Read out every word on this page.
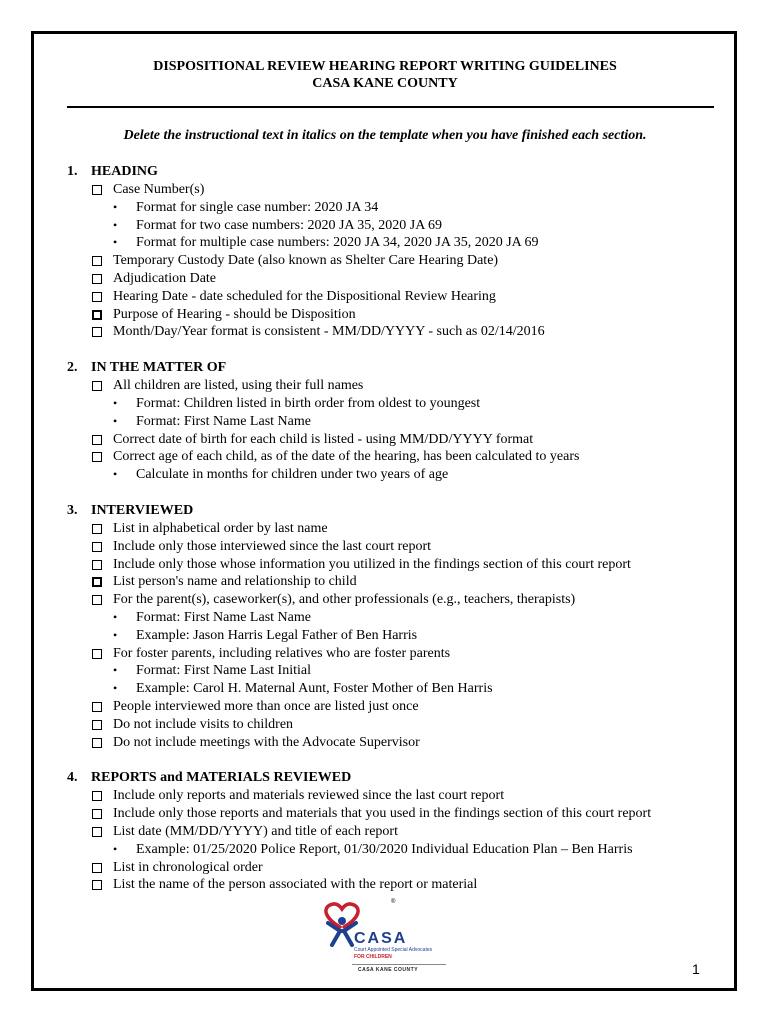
DISPOSITIONAL REVIEW HEARING REPORT WRITING GUIDELINES
CASA KANE COUNTY
Delete the instructional text in italics on the template when you have finished each section.
1. HEADING
Case Number(s)
• Format for single case number: 2020 JA 34
• Format for two case numbers: 2020 JA 35, 2020 JA 69
• Format for multiple case numbers: 2020 JA 34, 2020 JA 35, 2020 JA 69
Temporary Custody Date (also known as Shelter Care Hearing Date)
Adjudication Date
Hearing Date - date scheduled for the Dispositional Review Hearing
Purpose of Hearing - should be Disposition
Month/Day/Year format is consistent - MM/DD/YYYY - such as 02/14/2016
2. IN THE MATTER OF
All children are listed, using their full names
• Format: Children listed in birth order from oldest to youngest
• Format: First Name Last Name
Correct date of birth for each child is listed - using MM/DD/YYYY format
Correct age of each child, as of the date of the hearing, has been calculated to years
• Calculate in months for children under two years of age
3. INTERVIEWED
List in alphabetical order by last name
Include only those interviewed since the last court report
Include only those whose information you utilized in the findings section of this court report
List person's name and relationship to child
For the parent(s), caseworker(s), and other professionals (e.g., teachers, therapists)
• Format: First Name Last Name
• Example: Jason Harris Legal Father of Ben Harris
For foster parents, including relatives who are foster parents
• Format: First Name Last Initial
• Example: Carol H. Maternal Aunt, Foster Mother of Ben Harris
People interviewed more than once are listed just once
Do not include visits to children
Do not include meetings with the Advocate Supervisor
4. REPORTS and MATERIALS REVIEWED
Include only reports and materials reviewed since the last court report
Include only those reports and materials that you used in the findings section of this court report
List date (MM/DD/YYYY) and title of each report
• Example: 01/25/2020 Police Report, 01/30/2020 Individual Education Plan – Ben Harris
List in chronological order
List the name of the person associated with the report or material
®
CASA
Court Appointed Special Advocates
FOR CHILDREN
CASA KANE COUNTY	1
